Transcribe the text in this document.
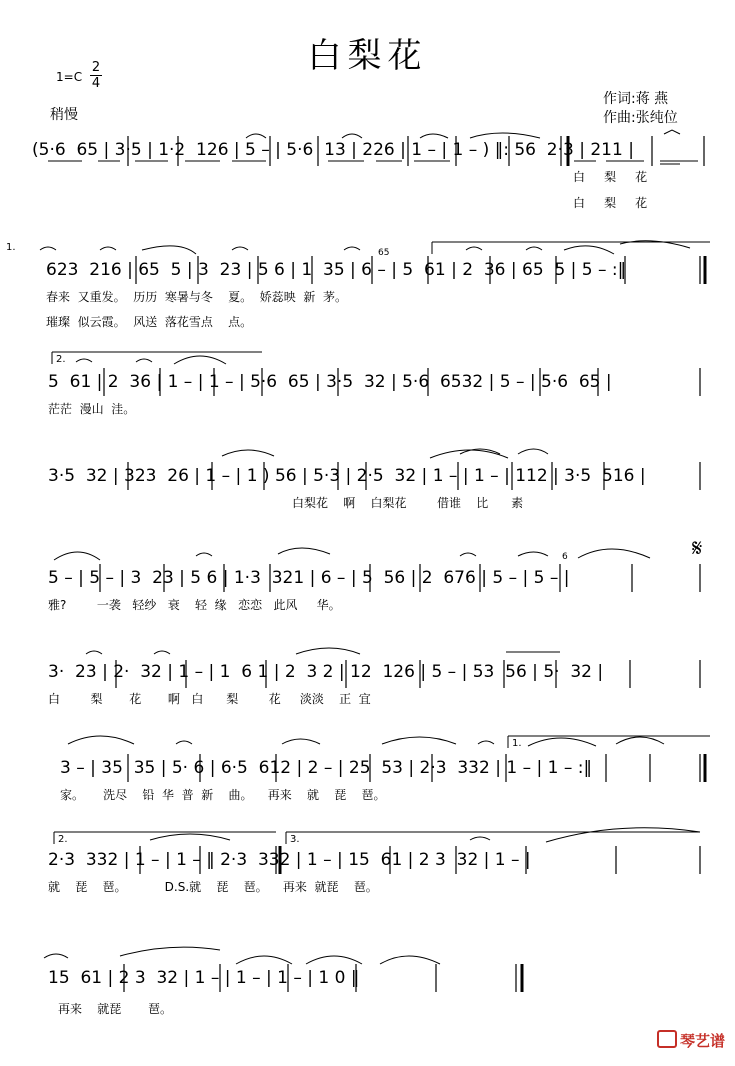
白梨花
1=C
2
4
稍慢
作词:蒋 燕
作曲:张纯位
(5·6  65 | 3·5 | 1·2  126 | 5 – | 5·6  13 | 226 | 1 – | 1 – ) ‖: 56  2·3 | 211 |
白     梨     花
白     梨     花
1.	65
623  216 | 65  5 | 3  23 | 5 6 | 1  35 | 6 – | 5  61 | 2  36 | 65  5 | 5 – :‖
春来  又重发。  历历  寒暑与冬    夏。  娇蕊映  新  茅。
璀璨  似云霞。  风送  落花雪点    点。
2.
5  61 | 2  36 | 1 – | 1 – | 5·6  65 | 3·5  32 | 5·6  6532 | 5 – | 5·6  65 |
茫茫  漫山  洼。
3·5  32 | 323  26 | 1 – | 1 ) 56 | 5·3 | 2·5  32 | 1 – | 1 – | 112 | 3·5  516 |
白梨花    啊    白梨花        借谁    比      素
6	𝄋
5 – | 5 – | 3  23 | 5 6 | 1·3  321 | 6 – | 5  56 | 2  676 | 5 – | 5 – |
雅?        一袭   轻纱   衰    轻  缘   恋恋   此风     华。
3·  23 | 2·  32 | 1 – | 1  6 1 | 2  3 2 | 12  126 | 5 – | 53  56 | 5·  32 |
白        梨       花       啊   白      梨        花     淡淡    正  宜
1.
3 – | 35  35 | 5· 6 | 6·5  612 | 2 – | 25  53 | 2·3  332 | 1 – | 1 – :‖
家。     洗尽    铅  华  普  新    曲。    再来    就    琵    琶。
2.	3.
2·3  332 | 1 – | 1 – ‖ 2·3  332 | 1 – | 15  61 | 2 3  32 | 1 – |
就    琵    琶。          D.S.就    琵    琶。    再来  就琵    琶。
15  61 | 2 3  32 | 1 – | 1 – | 1 – | 1 0 ‖
再来    就琵       琶。
琴艺谱
